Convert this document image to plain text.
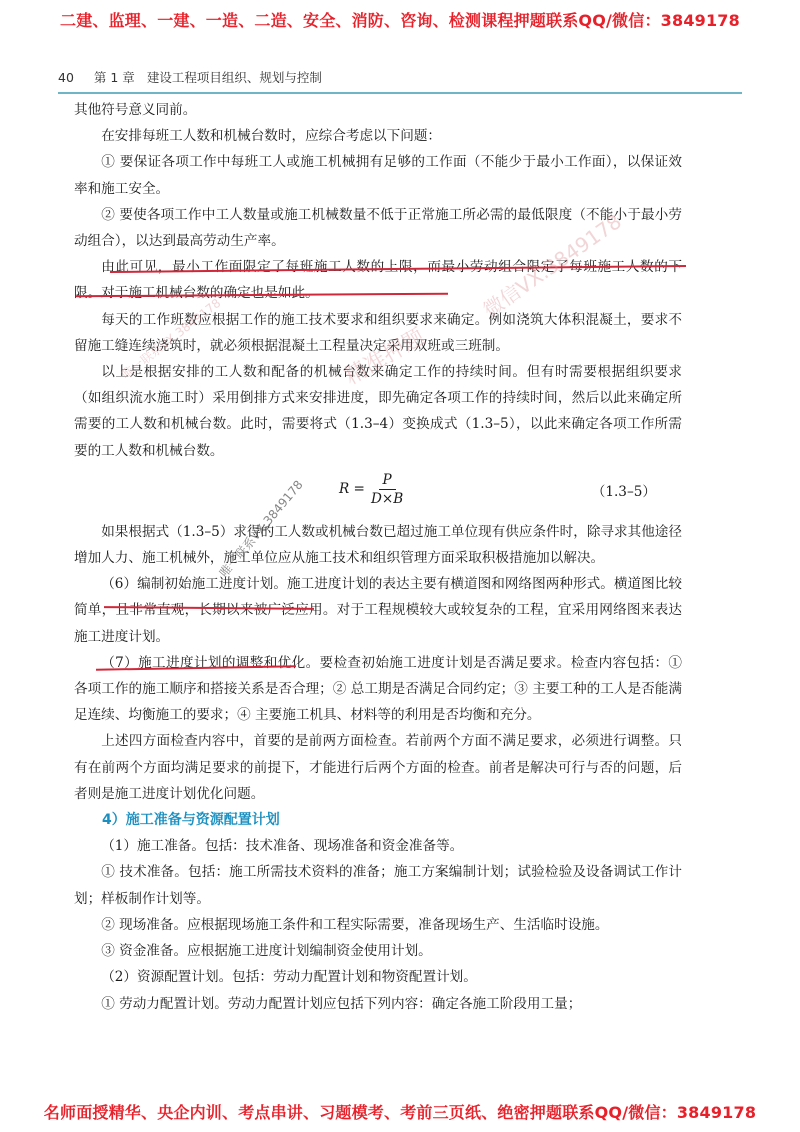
二建、监理、一建、一造、二造、安全、消防、咨询、检测课程押题联系QQ/微信：3849178
40 第 1 章 建设工程项目组织、规划与控制

其他符号意义同前。

在安排每班工人数和机械台数时，应综合考虑以下问题：

① 要保证各项工作中每班工人或施工机械拥有足够的工作面（不能少于最小工作面），以保证效率和施工安全。

② 要使各项工作中工人数量或施工机械数量不低于正常施工所必需的最低限度（不能小于最小劳动组合），以达到最高劳动生产率。

由此可见，最小工作面限定了每班施工人数的上限，而最小劳动组合限定了每班施工人数的下限。对于施工机械台数的确定也是如此。

每天的工作班数应根据工作的施工技术要求和组织要求来确定。例如浇筑大体积混凝土，要求不留施工缝连续浇筑时，就必须根据混凝土工程量决定采用双班或三班制。

以上是根据安排的工人数和配备的机械台数来确定工作的持续时间。但有时需要根据组织要求（如组织流水施工时）采用倒排方式来安排进度，即先确定各项工作的持续时间，然后以此来确定所需要的工人数和机械台数。此时，需要将式（1.3–4）变换成式（1.3–5），以此来确定各项工作所需要的工人数和机械台数。

$R = \frac{P}{D\times B}$	（1.3–5）

如果根据式（1.3–5）求得的工人数或机械台数已超过施工单位现有供应条件时，除寻求其他途径增加人力、施工机械外，施工单位应从施工技术和组织管理方面采取积极措施加以解决。

（6）编制初始施工进度计划。施工进度计划的表达主要有横道图和网络图两种形式。横道图比较简单，且非常直观，长期以来被广泛应用。对于工程规模较大或较复杂的工程，宜采用网络图来表达施工进度计划。

（7）施工进度计划的调整和优化。要检查初始施工进度计划是否满足要求。检查内容包括：① 各项工作的施工顺序和搭接关系是否合理；② 总工期是否满足合同约定；③ 主要工种的工人是否能满足连续、均衡施工的要求；④ 主要施工机具、材料等的利用是否均衡和充分。

上述四方面检查内容中，首要的是前两方面检查。若前两个方面不满足要求，必须进行调整。只有在前两个方面均满足要求的前提下，才能进行后两个方面的检查。前者是解决可行与否的问题，后者则是施工进度计划优化问题。

4）施工准备与资源配置计划

（1）施工准备。包括：技术准备、现场准备和资金准备等。

① 技术准备。包括：施工所需技术资料的准备；施工方案编制计划；试验检验及设备调试工作计划；样板制作计划等。

② 现场准备。应根据现场施工条件和工程实际需要，准备现场生产、生活临时设施。

③ 资金准备。应根据施工进度计划编制资金使用计划。

（2）资源配置计划。包括：劳动力配置计划和物资配置计划。

① 劳动力配置计划。劳动力配置计划应包括下列内容：确定各施工阶段用工量；

精准押题
微信VX.3849178
唯一联系VX.3849178
唯一联系VX.3849178
名师面授精华、央企内训、考点串讲、习题模考、考前三页纸、绝密押题联系QQ/微信：3849178
